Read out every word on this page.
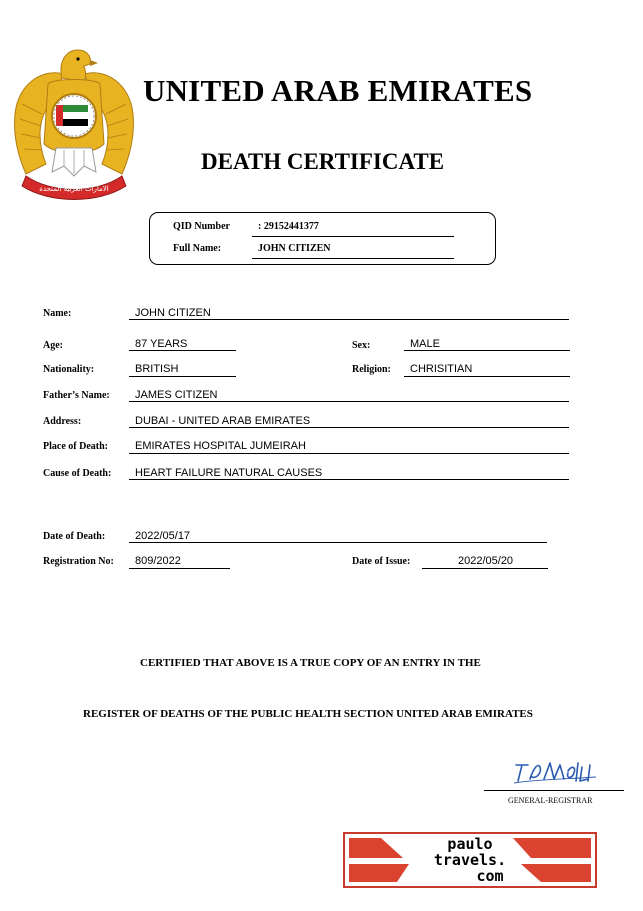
الامارات العربية المتحدة
UNITED ARAB EMIRATES
DEATH CERTIFICATE
QID Number	: 29152441377
Full Name:	JOHN CITIZEN
Name:	JOHN CITIZEN
Age:	87 YEARS	Sex:	MALE
Nationality:	BRITISH	Religion: CHRISITIAN
Father’s Name: JAMES CITIZEN
Address:	DUBAI - UNITED ARAB EMIRATES
Place of Death: EMIRATES HOSPITAL JUMEIRAH
Cause of Death: HEART FAILURE NATURAL CAUSES
Date of Death:	2022/05/17
Registration No: 809/2022	Date of Issue:	2022/05/20
CERTIFIED THAT ABOVE IS A TRUE COPY OF AN ENTRY IN THE
REGISTER OF DEATHS OF THE PUBLIC HEALTH SECTION UNITED ARAB EMIRATES
GENERAL-REGISTRAR
paulo
travels.
com
